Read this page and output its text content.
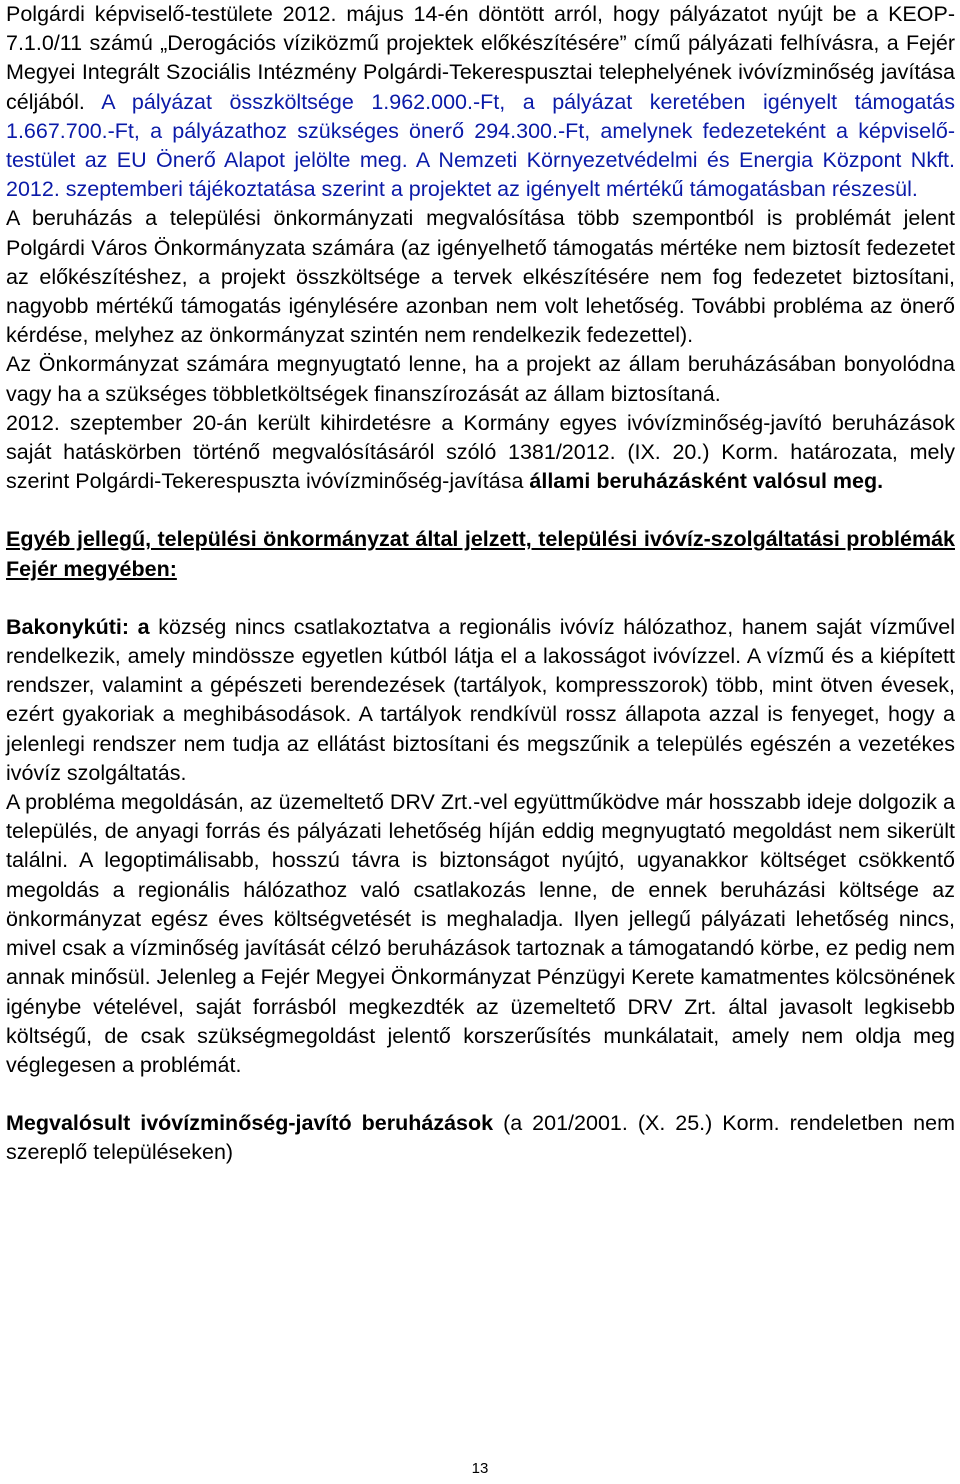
Polgárdi képviselő-testülete 2012. május 14-én döntött arról, hogy pályázatot nyújt be a KEOP-7.1.0/11 számú „Derogációs víziközmű projektek előkészítésére” című pályázati felhívásra, a Fejér Megyei Integrált Szociális Intézmény Polgárdi-Tekerespusztai telephelyének ivóvízminőség javítása céljából. A pályázat összköltsége 1.962.000.-Ft, a pályázat keretében igényelt támogatás 1.667.700.-Ft, a pályázathoz szükséges önerő 294.300.-Ft, amelynek fedezeteként a képviselő-testület az EU Önerő Alapot jelölte meg. A Nemzeti Környezetvédelmi és Energia Központ Nkft. 2012. szeptemberi tájékoztatása szerint a projektet az igényelt mértékű támogatásban részesül.

A beruházás a települési önkormányzati megvalósítása több szempontból is problémát jelent Polgárdi Város Önkormányzata számára (az igényelhető támogatás mértéke nem biztosít fedezetet az előkészítéshez, a projekt összköltsége a tervek elkészítésére nem fog fedezetet biztosítani, nagyobb mértékű támogatás igénylésére azonban nem volt lehetőség. További probléma az önerő kérdése, melyhez az önkormányzat szintén nem rendelkezik fedezettel).

Az Önkormányzat számára megnyugtató lenne, ha a projekt az állam beruházásában bonyolódna vagy ha a szükséges többletköltségek finanszírozását az állam biztosítaná.

2012. szeptember 20-án került kihirdetésre a Kormány egyes ivóvízminőség-javító beruházások saját hatáskörben történő megvalósításáról szóló 1381/2012. (IX. 20.) Korm. határozata, mely szerint Polgárdi-Tekerespuszta ivóvízminőség-javítása állami beruházásként valósul meg.

Egyéb jellegű, települési önkormányzat által jelzett, települési ivóvíz-szolgáltatási problémák Fejér megyében:

Bakonykúti: a község nincs csatlakoztatva a regionális ivóvíz hálózathoz, hanem saját vízművel rendelkezik, amely mindössze egyetlen kútból látja el a lakosságot ivóvízzel. A vízmű és a kiépített rendszer, valamint a gépészeti berendezések (tartályok, kompresszorok) több, mint ötven évesek, ezért gyakoriak a meghibásodások. A tartályok rendkívül rossz állapota azzal is fenyeget, hogy a jelenlegi rendszer nem tudja az ellátást biztosítani és megszűnik a település egészén a vezetékes ivóvíz szolgáltatás.

A probléma megoldásán, az üzemeltető DRV Zrt.-vel együttműködve már hosszabb ideje dolgozik a település, de anyagi forrás és pályázati lehetőség híján eddig megnyugtató megoldást nem sikerült találni. A legoptimálisabb, hosszú távra is biztonságot nyújtó, ugyanakkor költséget csökkentő megoldás a regionális hálózathoz való csatlakozás lenne, de ennek beruházási költsége az önkormányzat egész éves költségvetését is meghaladja. Ilyen jellegű pályázati lehetőség nincs, mivel csak a vízminőség javítását célzó beruházások tartoznak a támogatandó körbe, ez pedig nem annak minősül. Jelenleg a Fejér Megyei Önkormányzat Pénzügyi Kerete kamatmentes kölcsönének igénybe vételével, saját forrásból megkezdték az üzemeltető DRV Zrt. által javasolt legkisebb költségű, de csak szükségmegoldást jelentő korszerűsítés munkálatait, amely nem oldja meg véglegesen a problémát.

Megvalósult ivóvízminőség-javító beruházások (a 201/2001. (X. 25.) Korm. rendeletben nem szereplő településeken)

13
